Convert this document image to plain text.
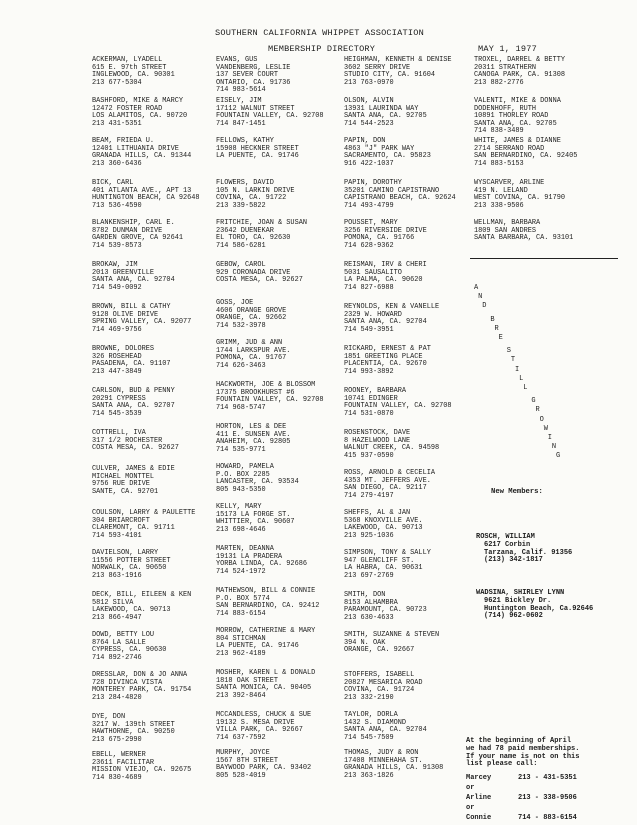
SOUTHERN CALIFORNIA WHIPPET ASSOCIATION
MEMBERSHIP DIRECTORY	MAY 1, 1977
ACKERMAN, LYADELL
615 E. 97th STREET
INGLEWOOD, CA. 90301
213 677-5304
BASHFORD, MIKE & MARCY
12472 FOSTER ROAD
LOS ALAMITOS, CA. 90720
213 431-5351
BEAM, FRIEDA U.
12401 LITHUANIA DRIVE
GRANADA HILLS, CA. 91344
213 360-6436
BICK, CARL
401 ATLANTA AVE., APT 13
HUNTINGTON BEACH, CA 92648
713 536-4590
BLANKENSHIP, CARL E.
8782 DUNMAN DRIVE
GARDEN GROVE, CA 92641
714 539-8573
BROKAW, JIM
2013 GREENVILLE
SANTA ANA, CA. 92704
714 549-0092
BROWN, BILL & CATHY
9128 OLIVE DRIVE
SPRING VALLEY, CA. 92077
714 469-9756
BROWNE, DOLORES
326 ROSEHEAD
PASADENA, CA. 91107
213 447-3849
CARLSON, BUD & PENNY
20291 CYPRESS
SANTA ANA, CA. 92707
714 545-3539
COTTRELL, IVA
317 1/2 ROCHESTER
COSTA MESA, CA. 92627
CULVER, JAMES & EDIE
MICHAEL MONTTEL
9756 RUE DRIVE
SANTE, CA. 92701
COULSON, LARRY & PAULETTE
304 BRIARCROFT
CLAREMONT, CA. 91711
714 593-4101
DAVIELSON, LARRY
11556 POTTER STREET
NORWALK, CA. 90650
213 863-1916
DECK, BILL, EILEEN & KEN
5812 SILVA
LAKEWOOD, CA. 90713
213 866-4947
DOWD, BETTY LOU
8764 LA SALLE
CYPRESS, CA. 90630
714 892-2746
DRESSLAR, DON & JO ANNA
728 DIVINCA VISTA
MONTEREY PARK, CA. 91754
213 284-4820
DYE, DON
3217 W. 139th STREET
HAWTHORNE, CA. 90250
213 675-2990
EBELL, WERNER
23611 FACILITAR
MISSION VIEJO, CA. 92675
714 830-4689
EVANS, GUS
VANDENBERG, LESLIE
137 SEVER COURT
ONTARIO, CA. 91736
714 983-5614
EISELY, JIM
17112 WALNUT STREET
FOUNTAIN VALLEY, CA. 92708
714 847-1451
FELLOWS, KATHY
15908 HECKNER STREET
LA PUENTE, CA. 91746
FLOWERS, DAVID
105 N. LARKIN DRIVE
COVINA, CA. 91722
213 339-5822
FRITCHIE, JOAN & SUSAN
23642 DUENEKAR
EL TORO, CA. 92630
714 586-6281
GEBOW, CAROL
929 CORONADA DRIVE
COSTA MESA, CA. 92627
GOSS, JOE
4606 ORANGE GROVE
ORANGE, CA. 92662
714 532-3978
GRIMM, JUD & ANN
1744 LARKSPUR AVE.
POMONA, CA. 91767
714 626-3463
HACKWORTH, JOE & BLOSSOM
17375 BROOKHURST #6
FOUNTAIN VALLEY, CA. 92708
714 968-5747
HORTON, LES & DEE
411 E. SUNSEN AVE.
ANAHEIM, CA. 92805
714 535-9771
HOWARD, PAMELA
P.O. BOX 2285
LANCASTER, CA. 93534
805 943-5350
KELLY, MARY
15173 LA FORGE ST.
WHITTIER, CA. 90607
213 698-4646
MARTEN, DEANNA
19131 LA PRADERA
YORBA LINDA, CA. 92686
714 524-1972
MATHEWSON, BILL & CONNIE
P.O. BOX 5774
SAN BERNARDINO, CA. 92412
714 883-6154
MORROW, CATHERINE & MARY
804 STICHMAN
LA PUENTE, CA. 91746
213 962-4189
MOSHER, KAREN L & DONALD
1818 OAK STREET
SANTA MONICA, CA. 90405
213 392-8464
MCCANDLESS, CHUCK & SUE
19132 S. MESA DRIVE
VILLA PARK, CA. 92667
714 637-7592
MURPHY, JOYCE
1567 8TH STREET
BAYWOOD PARK, CA. 93402
805 528-4019
HEIGHMAN, KENNETH & DENISE
3602 SERRY DRIVE
STUDIO CITY, CA. 91604
213 763-0970
OLSON, ALVIN
13931 LAURINDA WAY
SANTA ANA, CA. 92705
714 544-2523
PAPIN, DON
4863 "J" PARK WAY
SACRAMENTO, CA. 95823
916 422-1037
PAPIN, DOROTHY
35201 CAMINO CAPISTRANO
CAPISTRANO BEACH, CA. 92624
714 493-4799
POUSSET, MARY
3256 RIVERSIDE DRIVE
POMONA, CA. 91766
714 628-9362
REISMAN, IRV & CHERI
5031 SAUSALITO
LA PALMA, CA. 90620
714 827-6988
REYNOLDS, KEN & VANELLE
2329 W. HOWARD
SANTA ANA, CA. 92704
714 549-3951
RICKARD, ERNEST & PAT
1851 GREETING PLACE
PLACENTIA, CA. 92670
714 993-3892
ROONEY, BARBARA
10741 EDINGER
FOUNTAIN VALLEY, CA. 92708
714 531-0870
ROSENSTOCK, DAVE
8 HAZELWOOD LANE
WALNUT CREEK, CA. 94598
415 937-0590
ROSS, ARNOLD & CECELIA
4353 MT. JEFFERS AVE.
SAN DIEGO, CA. 92117
714 279-4197
SHEFFS, AL & JAN
5368 KNOXVILLE AVE.
LAKEWOOD, CA. 90713
213 925-1036
SIMPSON, TONY & SALLY
947 GLENCLIFF ST.
LA HABRA, CA. 90631
213 697-2769
SMITH, DON
8153 ALHAMBRA
PARAMOUNT, CA. 90723
213 630-4633
SMITH, SUZANNE & STEVEN
394 N. OAK
ORANGE, CA. 92667
STOFFERS, ISABELL
20827 MESARICA ROAD
COVINA, CA. 91724
213 332-2190
TAYLOR, DORLA
1432 S. DIAMOND
SANTA ANA, CA. 92704
714 545-7509
THOMAS, JUDY & RON
17408 MINNEHAHA ST.
GRANADA HILLS, CA. 91308
213 363-1826
TROXEL, DARREL & BETTY
20311 STRATHERN
CANOGA PARK, CA. 91308
213 882-2776
VALENTI, MIKE & DONNA
DODENHOFF, RUTH
10891 THORLEY ROAD
SANTA ANA, CA. 92705
714 838-3489
WHITE, JAMES & DIANNE
2714 SERRANO ROAD
SAN BERNARDINO, CA. 92405
714 883-5153
WYSCARVER, ARLINE
419 N. LELAND
WEST COVINA, CA. 91790
213 338-9506
WELLMAN, BARBARA
1809 SAN ANDRES
SANTA BARBARA, CA. 93101
A
N
D
B
R
E
S
T
I
L
L
G
R
O
W
I
N
G
New Members:
ROSCH, WILLIAM
6217 Corbin
Tarzana, Calif. 91356
(213) 342-1817
WADSINA, SHIRLEY LYNN
9621 Bickley Dr.
Huntington Beach, Ca.92646
(714) 962-0602
At the beginning of April
we had 78 paid memberships.
If your name is not on this
list please call:
Marcey	213 - 431-5351
or
Arline	213 - 338-9506
or
Connie	714 - 883-6154
